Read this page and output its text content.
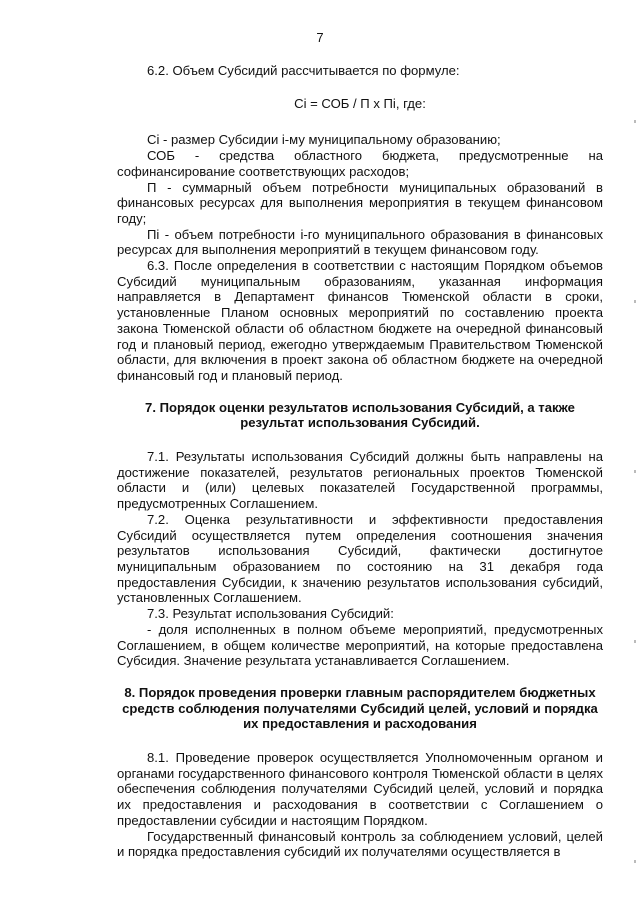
7

6.2. Объем Субсидий рассчитывается по формуле:

Ci = СОБ / П x Пi, где:

Ci - размер Субсидии i-му муниципальному образованию;

СОБ - средства областного бюджета, предусмотренные на софинансирование соответствующих расходов;

П - суммарный объем потребности муниципальных образований в финансовых ресурсах для выполнения мероприятия в текущем финансовом году;

Пi - объем потребности i-го муниципального образования в финансовых ресурсах для выполнения мероприятий в текущем финансовом году.

6.3. После определения в соответствии с настоящим Порядком объемов Субсидий муниципальным образованиям, указанная информация направляется в Департамент финансов Тюменской области в сроки, установленные Планом основных мероприятий по составлению проекта закона Тюменской области об областном бюджете на очередной финансовый год и плановый период, ежегодно утверждаемым Правительством Тюменской области, для включения в проект закона об областном бюджете на очередной финансовый год и плановый период.

7. Порядок оценки результатов использования Субсидий, а также результат использования Субсидий.

7.1. Результаты использования Субсидий должны быть направлены на достижение показателей, результатов региональных проектов Тюменской области и (или) целевых показателей Государственной программы, предусмотренных Соглашением.

7.2. Оценка результативности и эффективности предоставления Субсидий осуществляется путем определения соотношения значения результатов использования Субсидий, фактически достигнутое муниципальным образованием по состоянию на 31 декабря года предоставления Субсидии, к значению результатов использования субсидий, установленных Соглашением.

7.3. Результат использования Субсидий:

- доля исполненных в полном объеме мероприятий, предусмотренных Соглашением, в общем количестве мероприятий, на которые предоставлена Субсидия. Значение результата устанавливается Соглашением.

8. Порядок проведения проверки главным распорядителем бюджетных средств соблюдения получателями Субсидий целей, условий и порядка их предоставления и расходования

8.1. Проведение проверок осуществляется Уполномоченным органом и органами государственного финансового контроля Тюменской области в целях обеспечения соблюдения получателями Субсидий целей, условий и порядка их предоставления и расходования в соответствии с Соглашением о предоставлении субсидии и настоящим Порядком.

Государственный финансовый контроль за соблюдением условий, целей и порядка предоставления субсидий их получателями осуществляется в
